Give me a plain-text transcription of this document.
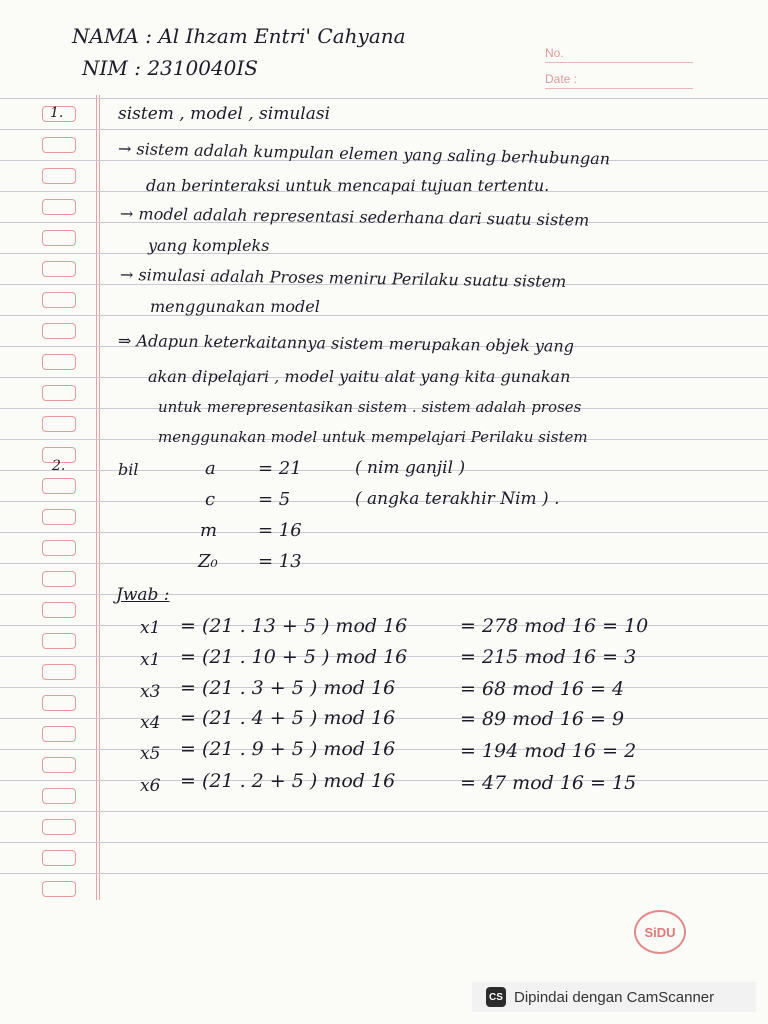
NAMA : Al Ihzam Entri' Cahyana
NIM : 2310040IS
No.
Date :
1.	sistem , model , simulasi
→ sistem adalah kumpulan elemen yang saling berhubungan
dan berinteraksi untuk mencapai tujuan tertentu.
→ model adalah representasi sederhana dari suatu sistem
yang kompleks
→ simulasi adalah Proses meniru Perilaku suatu sistem
menggunakan model
⇒ Adapun keterkaitannya sistem merupakan objek yang
akan dipelajari , model yaitu alat yang kita gunakan
untuk merepresentasikan sistem . sistem adalah proses
menggunakan model untuk mempelajari Perilaku sistem
2.	bil	a = 21	( nim ganjil )
c = 5	( angka terakhir Nim ) .
m = 16
Z₀ = 13
Jwab :
x1 = (21 . 13 + 5 ) mod 16	= 278 mod 16 = 10
x1 = (21 . 10 + 5 ) mod 16	= 215 mod 16 = 3
x3 = (21 . 3 + 5 ) mod 16	= 68 mod 16 = 4
x4 = (21 . 4 + 5 ) mod 16	= 89 mod 16 = 9
x5 = (21 . 9 + 5 ) mod 16	= 194 mod 16 = 2
x6 = (21 . 2 + 5 ) mod 16	= 47 mod 16 = 15
SiDU
CS Dipindai dengan CamScanner
